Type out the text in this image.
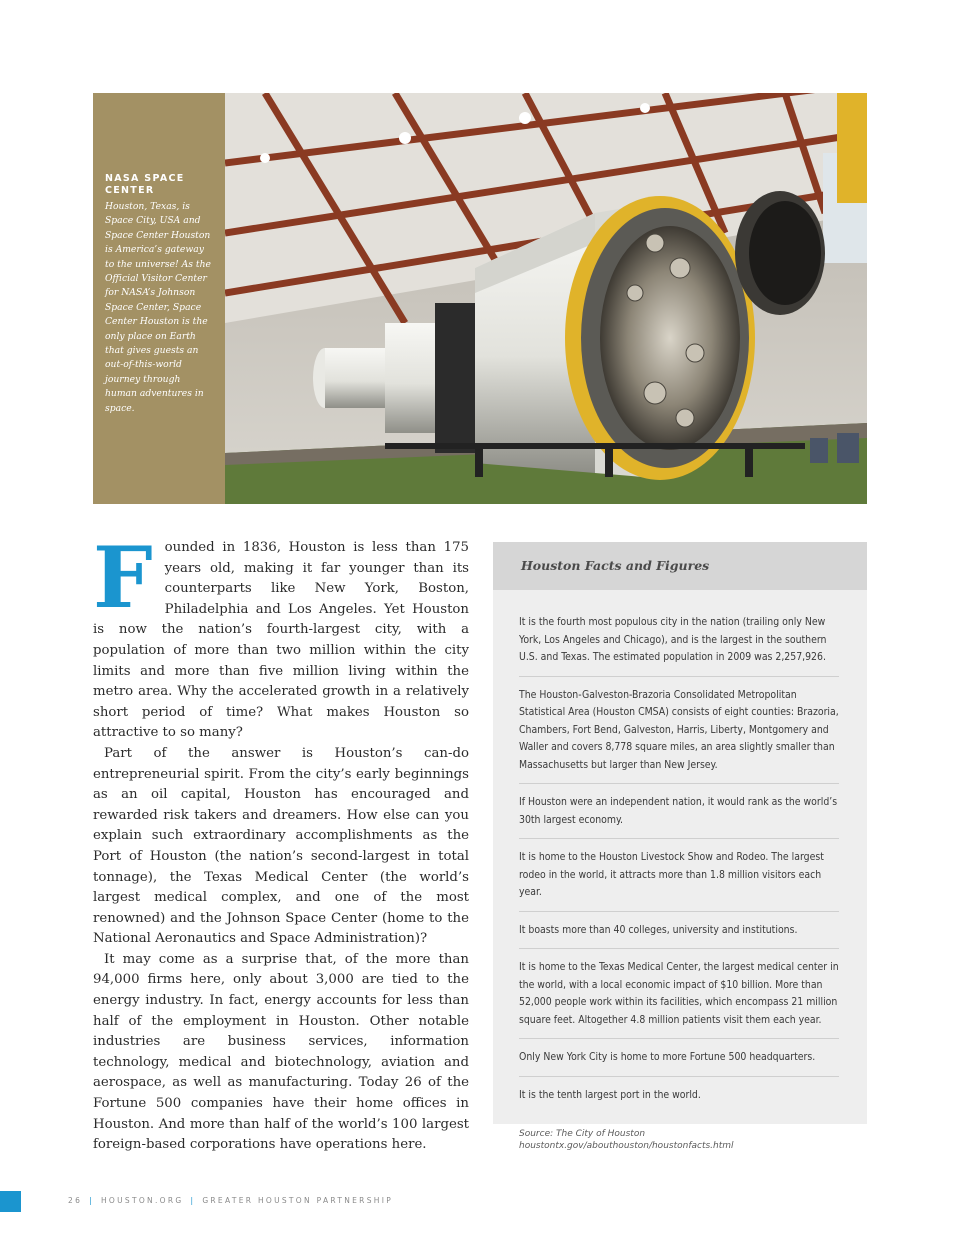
NASA SPACE CENTER

Houston, Texas, is Space City, USA and Space Center Houston is America’s gateway to the universe! As the Official Visitor Center for NASA’s Johnson Space Center, Space Center Houston is the only place on Earth that gives guests an out-of-this-world journey through human adventures in space.

F ounded in 1836, Houston is less than 175 years old, making it far younger than its counterparts like New York, Boston, Philadelphia and Los Angeles. Yet Houston is now the nation’s fourth-largest city, with a population of more than two million within the city limits and more than five million living within the metro area. Why the accelerated growth in a relatively short period of time? What makes Houston so attractive to so many?

Part of the answer is Houston’s can-do entrepreneurial spirit. From the city’s early beginnings as an oil capital, Houston has encouraged and rewarded risk takers and dreamers. How else can you explain such extraordinary accomplishments as the Port of Houston (the nation’s second-largest in total tonnage), the Texas Medical Center (the world’s largest medical complex, and one of the most renowned) and the Johnson Space Center (home to the National Aeronautics and Space Administration)?

It may come as a surprise that, of the more than 94,000 firms here, only about 3,000 are tied to the energy industry. In fact, energy accounts for less than half of the employment in Houston. Other notable industries are business services, information technology, medical and biotechnology, aviation and aerospace, as well as manufacturing. Today 26 of the Fortune 500 companies have their home offices in Houston. And more than half of the world’s 100 largest foreign-based corporations have operations here.

Houston Facts and Figures
It is the fourth most populous city in the nation (trailing only New York, Los Angeles and Chicago), and is the largest in the southern U.S. and Texas. The estimated population in 2009 was 2,257,926.
The Houston-Galveston-Brazoria Consolidated Metropolitan Statistical Area (Houston CMSA) consists of eight counties: Brazoria, Chambers, Fort Bend, Galveston, Harris, Liberty, Montgomery and Waller and covers 8,778 square miles, an area slightly smaller than Massachusetts but larger than New Jersey.
If Houston were an independent nation, it would rank as the world’s 30th largest economy.
It is home to the Houston Livestock Show and Rodeo. The largest rodeo in the world, it attracts more than 1.8 million visitors each year.
It boasts more than 40 colleges, university and institutions.
It is home to the Texas Medical Center, the largest medical center in the world, with a local economic impact of $10 billion. More than 52,000 people work within its facilities, which encompass 21 million square feet. Altogether 4.8 million patients visit them each year.
Only New York City is home to more Fortune 500 headquarters.
It is the tenth largest port in the world.
Source: The City of Houston
houstontx.gov/abouthouston/houstonfacts.html
26 | HOUSTON.ORG | GREATER HOUSTON PARTNERSHIP
